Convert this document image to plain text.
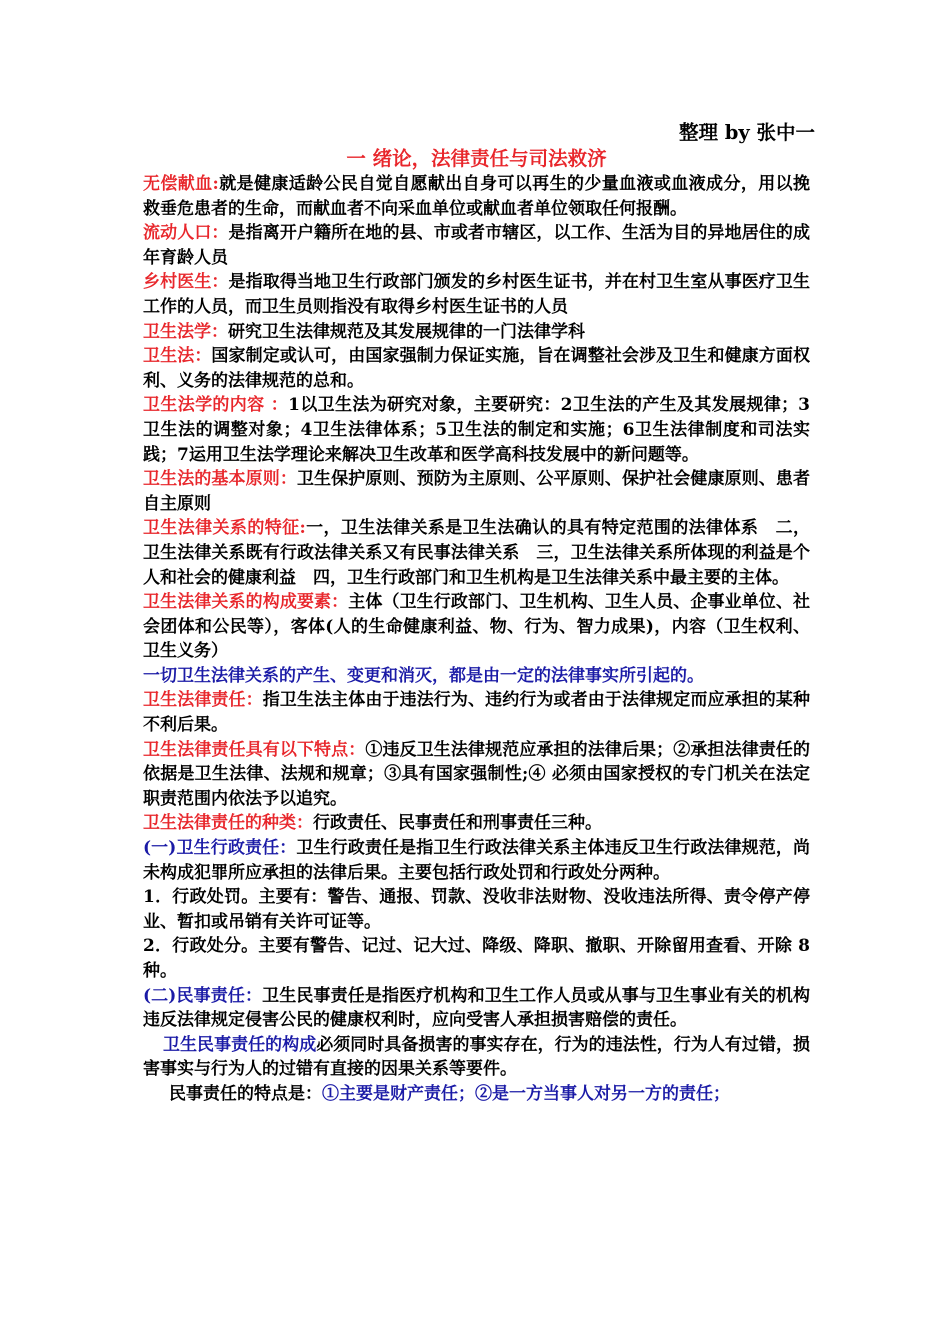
整理 by 张中一
一 绪论，法律责任与司法救济

无偿献血:就是健康适龄公民自觉自愿献出自身可以再生的少量血液或血液成分，用以挽救垂危患者的生命，而献血者不向采血单位或献血者单位领取任何报酬。

流动人口：是指离开户籍所在地的县、市或者市辖区，以工作、生活为目的异地居住的成年育龄人员

乡村医生：是指取得当地卫生行政部门颁发的乡村医生证书，并在村卫生室从事医疗卫生工作的人员，而卫生员则指没有取得乡村医生证书的人员

卫生法学：研究卫生法律规范及其发展规律的一门法律学科

卫生法：国家制定或认可，由国家强制力保证实施，旨在调整社会涉及卫生和健康方面权利、义务的法律规范的总和。

卫生法学的内容 ：1以卫生法为研究对象，主要研究：2卫生法的产生及其发展规律；3卫生法的调整对象；4卫生法律体系；5卫生法的制定和实施；6卫生法律制度和司法实践；7运用卫生法学理论来解决卫生改革和医学高科技发展中的新问题等。

卫生法的基本原则：卫生保护原则、预防为主原则、公平原则、保护社会健康原则、患者自主原则

卫生法律关系的特征:一，卫生法律关系是卫生法确认的具有特定范围的法律体系　二，卫生法律关系既有行政法律关系又有民事法律关系　三，卫生法律关系所体现的利益是个人和社会的健康利益　四，卫生行政部门和卫生机构是卫生法律关系中最主要的主体。

卫生法律关系的构成要素：主体（卫生行政部门、卫生机构、卫生人员、企事业单位、社会团体和公民等），客体(人的生命健康利益、物、行为、智力成果)，内容（卫生权利、卫生义务）

一切卫生法律关系的产生、变更和消灭，都是由一定的法律事实所引起的。

卫生法律责任：指卫生法主体由于违法行为、违约行为或者由于法律规定而应承担的某种不利后果。

卫生法律责任具有以下特点：①违反卫生法律规范应承担的法律后果；②承担法律责任的依据是卫生法律、法规和规章；③具有国家强制性;④ 必须由国家授权的专门机关在法定职责范围内依法予以追究。

卫生法律责任的种类：行政责任、民事责任和刑事责任三种。

(一)卫生行政责任：卫生行政责任是指卫生行政法律关系主体违反卫生行政法律规范，尚未构成犯罪所应承担的法律后果。主要包括行政处罚和行政处分两种。

1．行政处罚。主要有：警告、通报、罚款、没收非法财物、没收违法所得、责令停产停业、暂扣或吊销有关许可证等。

2．行政处分。主要有警告、记过、记大过、降级、降职、撤职、开除留用查看、开除 8 种。

(二)民事责任：卫生民事责任是指医疗机构和卫生工作人员或从事与卫生事业有关的机构违反法律规定侵害公民的健康权利时，应向受害人承担损害赔偿的责任。

卫生民事责任的构成必须同时具备损害的事实存在，行为的违法性，行为人有过错，损害事实与行为人的过错有直接的因果关系等要件。

民事责任的特点是：①主要是财产责任；②是一方当事人对另一方的责任；
